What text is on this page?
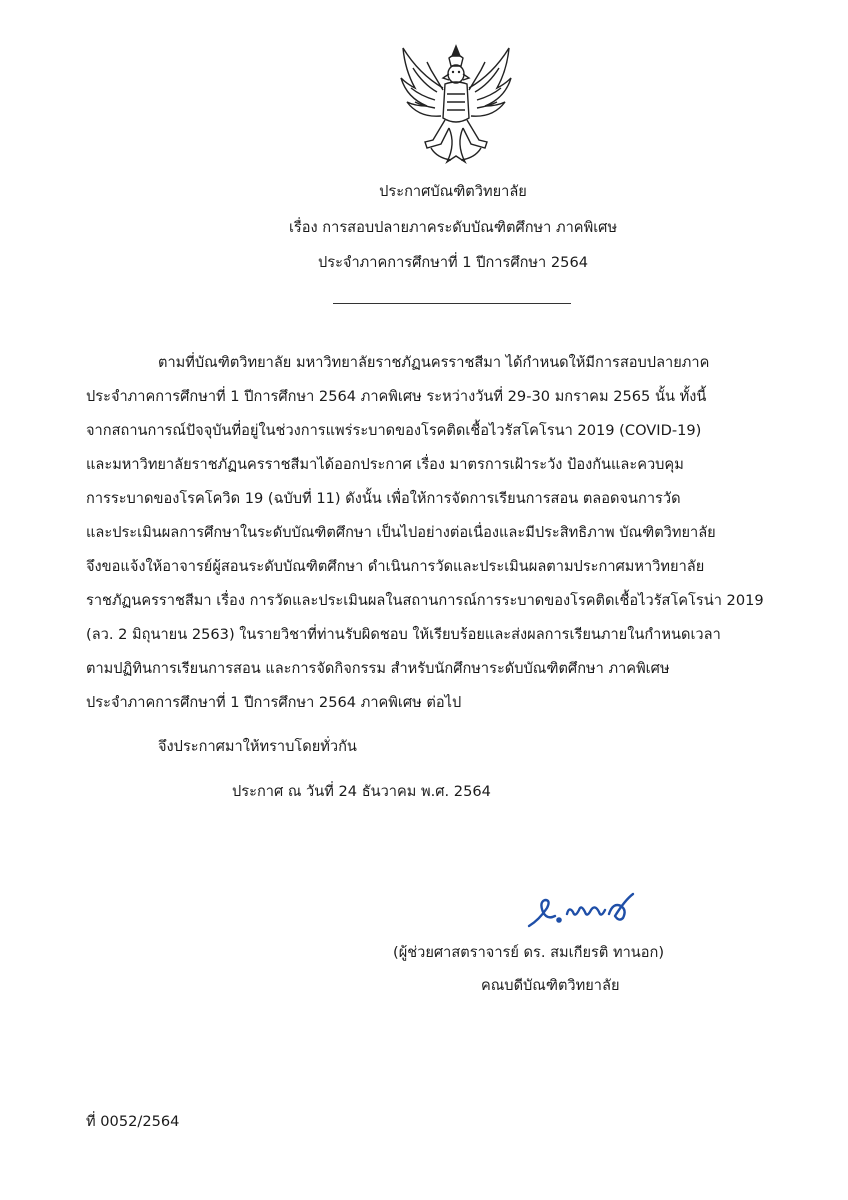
ประกาศบัณฑิตวิทยาลัย
เรื่อง การสอบปลายภาคระดับบัณฑิตศึกษา ภาคพิเศษ
ประจำภาคการศึกษาที่ 1 ปีการศึกษา 2564
ตามที่บัณฑิตวิทยาลัย มหาวิทยาลัยราชภัฏนครราชสีมา ได้กำหนดให้มีการสอบปลายภาค
ประจำภาคการศึกษาที่ 1 ปีการศึกษา 2564 ภาคพิเศษ ระหว่างวันที่ 29-30 มกราคม 2565 นั้น ทั้งนี้
จากสถานการณ์ปัจจุบันที่อยู่ในช่วงการแพร่ระบาดของโรคติดเชื้อไวรัสโคโรนา 2019 (COVID-19)
และมหาวิทยาลัยราชภัฏนครราชสีมาได้ออกประกาศ เรื่อง มาตรการเฝ้าระวัง ป้องกันและควบคุม
การระบาดของโรคโควิด 19 (ฉบับที่ 11) ดังนั้น เพื่อให้การจัดการเรียนการสอน ตลอดจนการวัด
และประเมินผลการศึกษาในระดับบัณฑิตศึกษา เป็นไปอย่างต่อเนื่องและมีประสิทธิภาพ บัณฑิตวิทยาลัย
จึงขอแจ้งให้อาจารย์ผู้สอนระดับบัณฑิตศึกษา ดำเนินการวัดและประเมินผลตามประกาศมหาวิทยาลัย
ราชภัฏนครราชสีมา เรื่อง การวัดและประเมินผลในสถานการณ์การระบาดของโรคติดเชื้อไวรัสโคโรน่า 2019
(ลว. 2 มิถุนายน 2563) ในรายวิชาที่ท่านรับผิดชอบ ให้เรียบร้อยและส่งผลการเรียนภายในกำหนดเวลา
ตามปฏิทินการเรียนการสอน และการจัดกิจกรรม สำหรับนักศึกษาระดับบัณฑิตศึกษา ภาคพิเศษ
ประจำภาคการศึกษาที่ 1 ปีการศึกษา 2564 ภาคพิเศษ ต่อไป
จึงประกาศมาให้ทราบโดยทั่วกัน
ประกาศ ณ วันที่ 24 ธันวาคม พ.ศ. 2564
(ผู้ช่วยศาสตราจารย์ ดร. สมเกียรติ ทานอก)
คณบดีบัณฑิตวิทยาลัย
ที่ 0052/2564
